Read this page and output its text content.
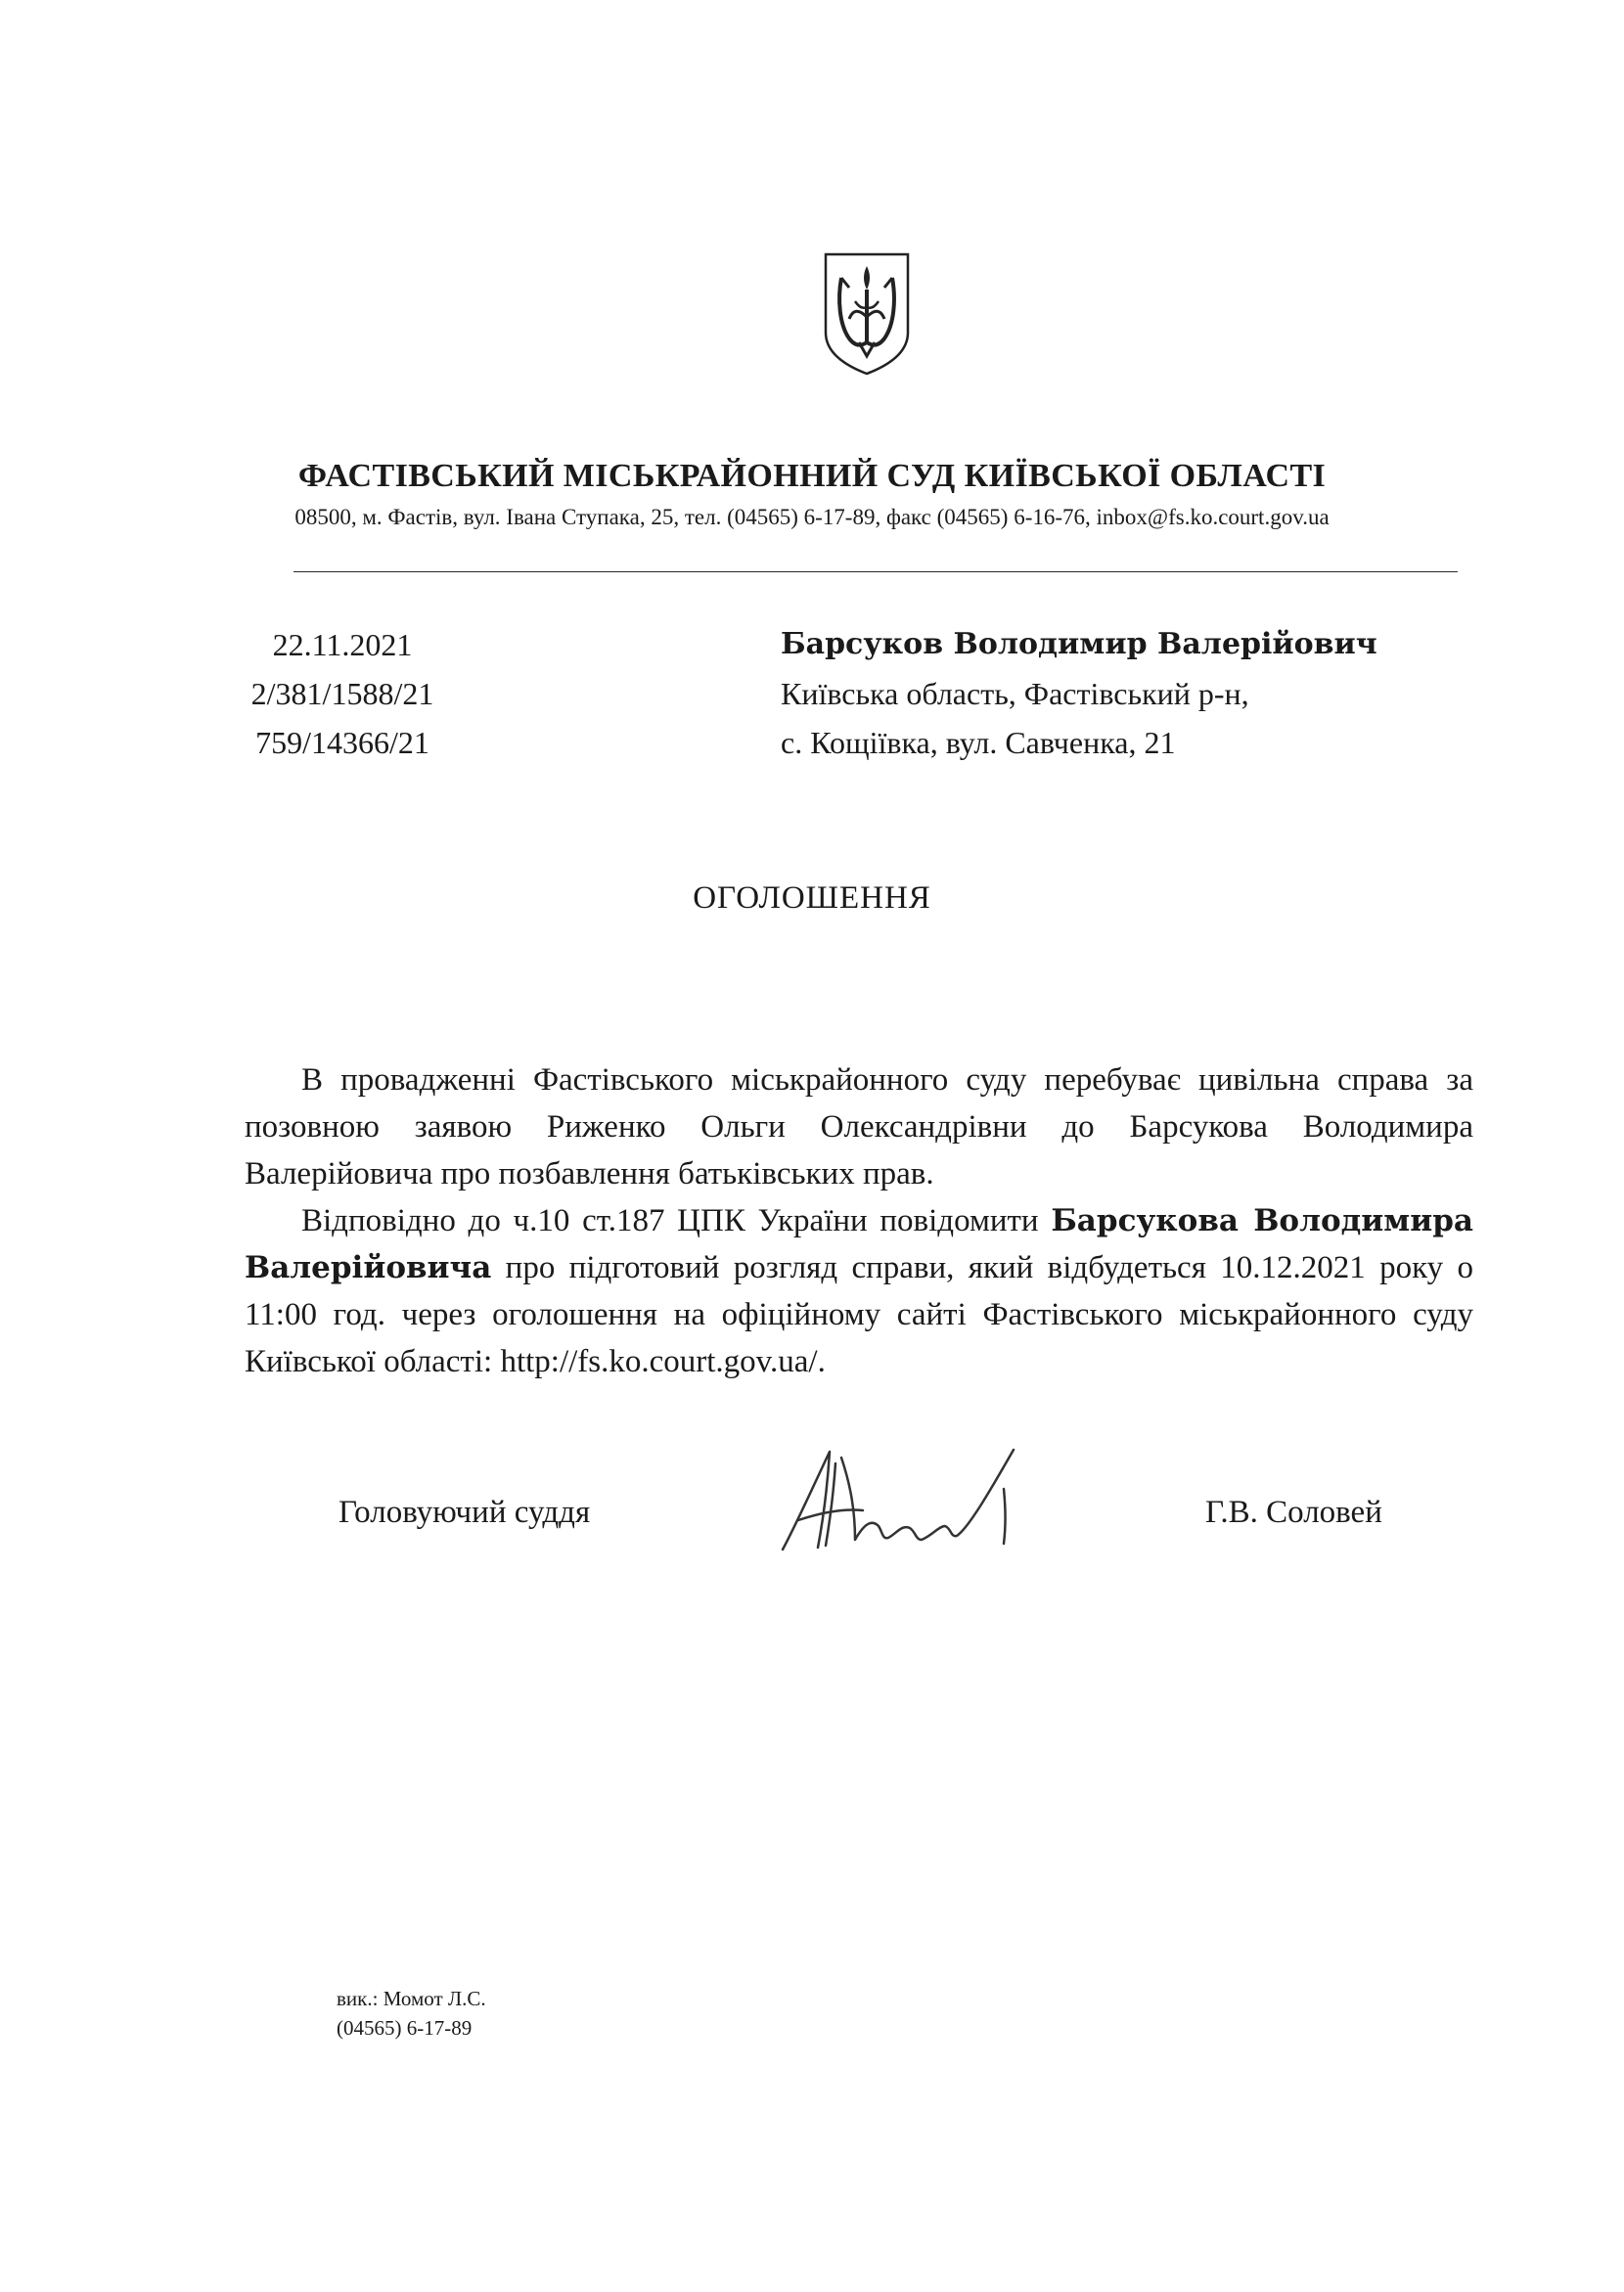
ФАСТІВСЬКИЙ МІСЬКРАЙОННИЙ СУД КИЇВСЬКОЇ ОБЛАСТІ
08500, м. Фастів, вул. Івана Ступака, 25, тел. (04565) 6-17-89, факс (04565) 6-16-76, inbox@fs.ko.court.gov.ua
22.11.2021
2/381/1588/21
759/14366/21
Барсуков Володимир Валерійович
Київська область, Фастівський р-н,
с. Кощіївка, вул. Савченка, 21
ОГОЛОШЕННЯ

В провадженні Фастівського міськрайонного суду перебуває цивільна справа за позовною заявою Риженко Ольги Олександрівни до Барсукова Володимира Валерійовича про позбавлення батьківських прав.

Відповідно до ч.10 ст.187 ЦПК України повідомити Барсукова Володимира Валерійовича про підготовий розгляд справи, який відбудеться 10.12.2021 року о 11:00 год. через оголошення на офіційному сайті Фастівського міськрайонного суду Київської області: http://fs.ko.court.gov.ua/.

Головуючий суддя	Г.В. Соловей
вик.: Момот Л.С.
(04565) 6-17-89
